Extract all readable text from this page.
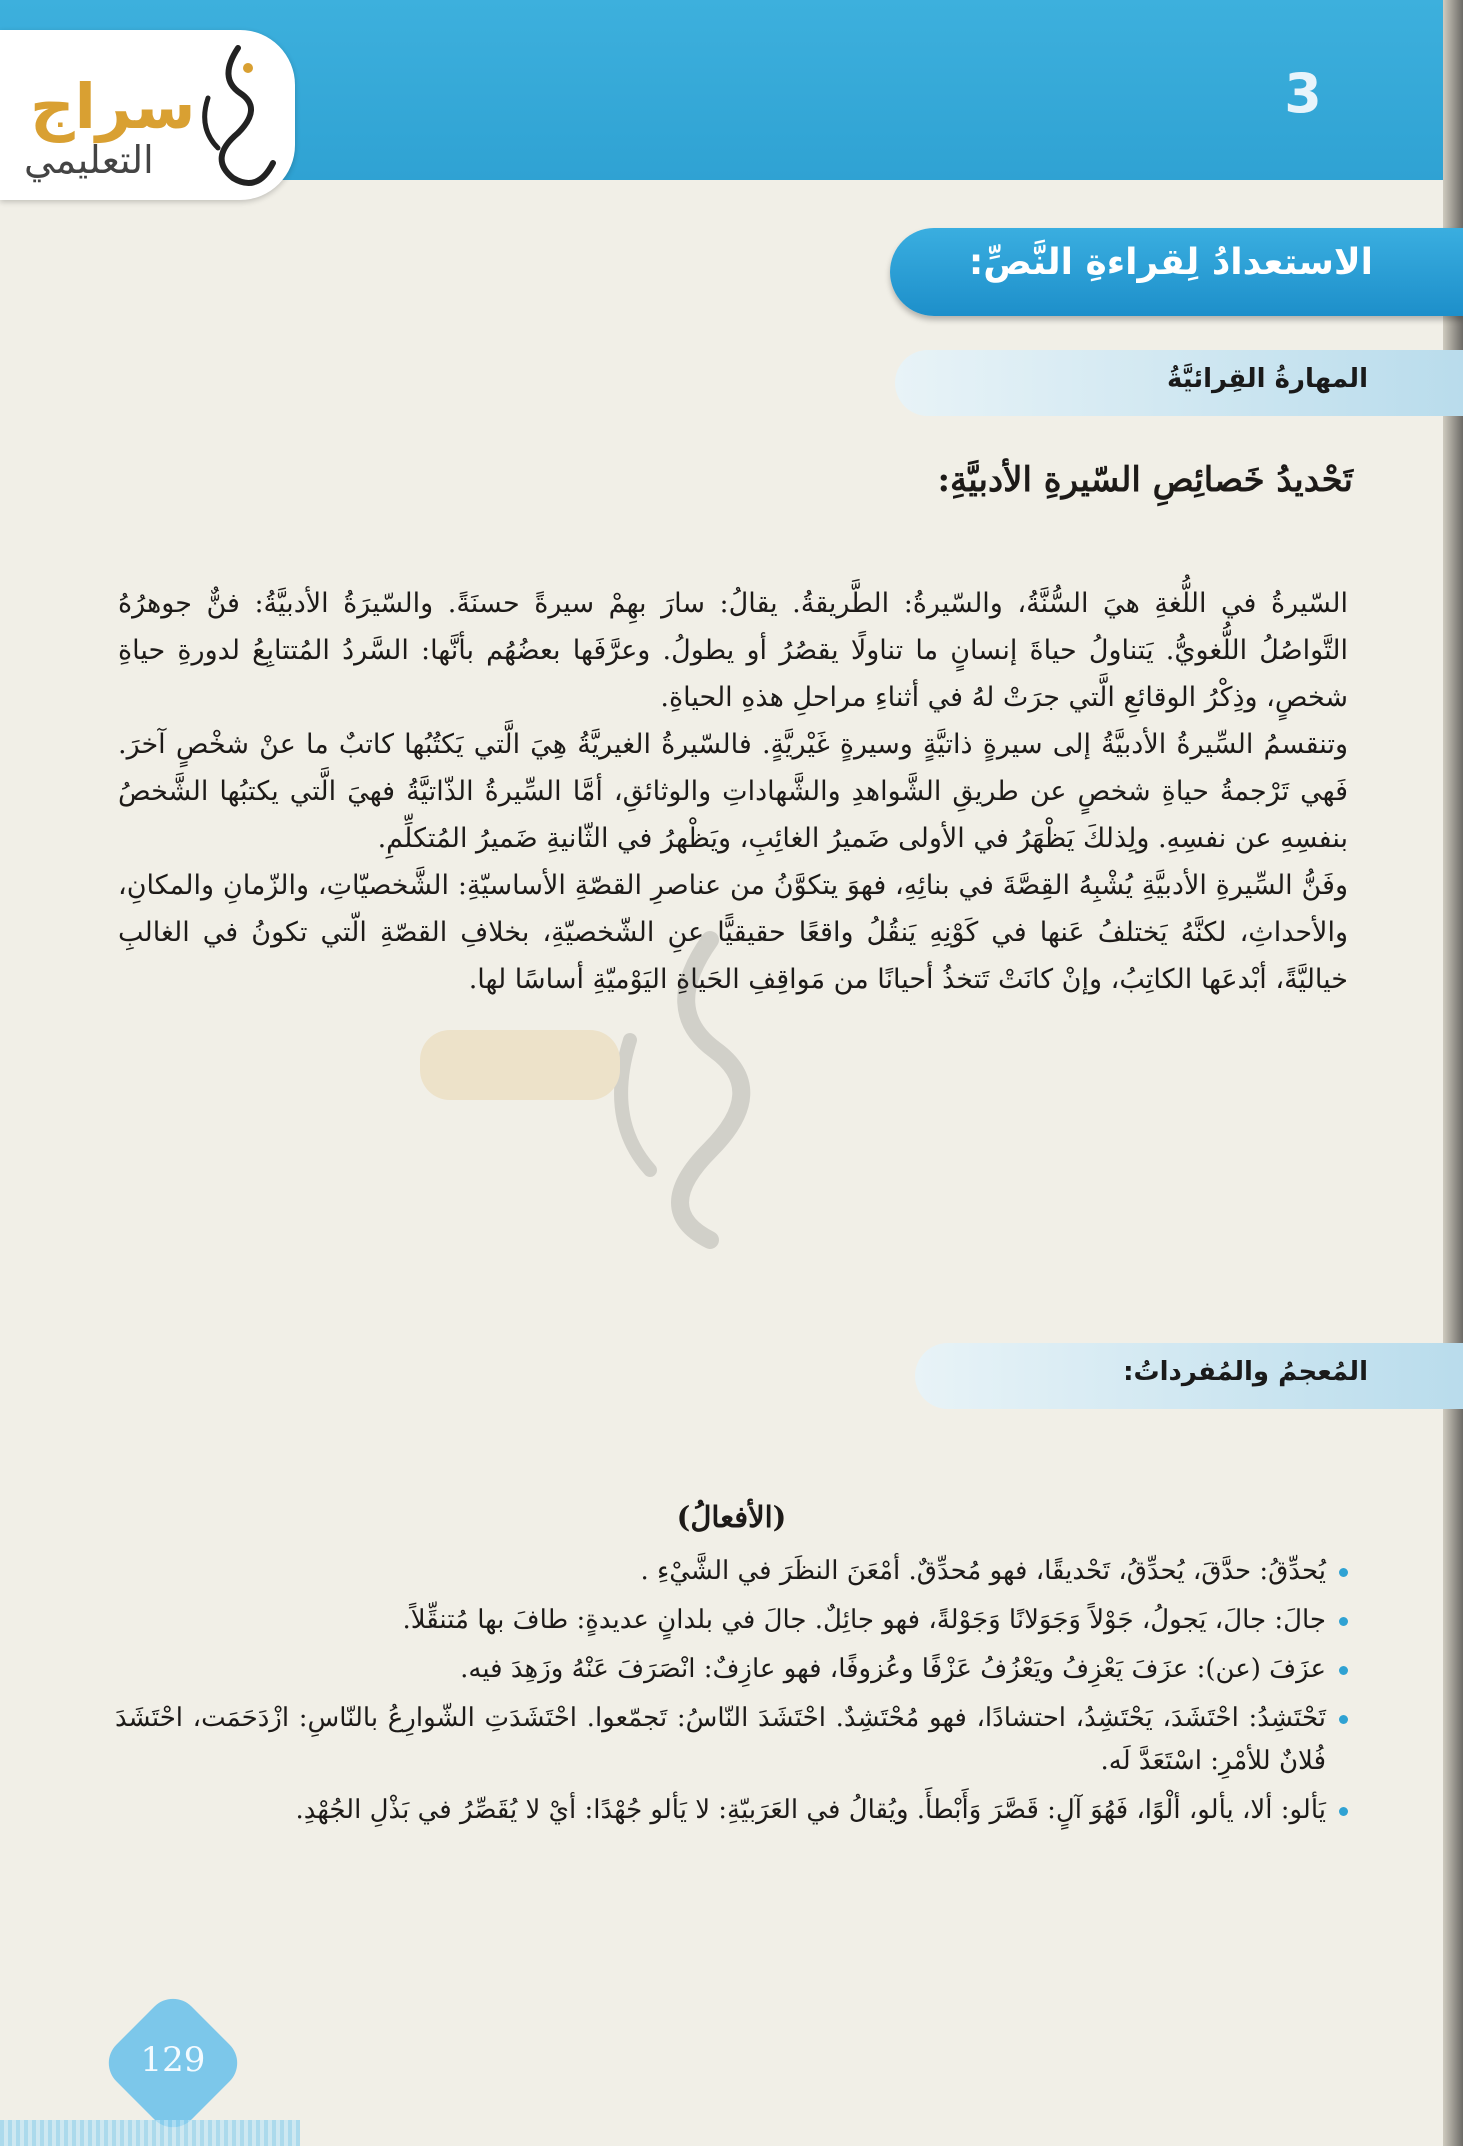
3
سراج
التعليمي
الاستعدادُ لِقراءةِ النَّصِّ:
المهارةُ القِرائيَّةُ
تَحْديدُ خَصائِصِ السّيرةِ الأدبيَّةِ:

السّيرةُ في اللُّغةِ هيَ السُّنَّةُ، والسّيرةُ: الطَّريقةُ. يقالُ: سارَ بهِمْ سيرةً حسنَةً. والسّيرَةُ الأدبيَّةُ: فنٌّ جوهرُهُ التَّواصُلُ اللُّغويُّ. يَتناولُ حياةَ إنسانٍ ما تناولًا يقصُرُ أو يطولُ. وعرَّفَها بعضُهُم بأنَّها: السَّردُ المُتتابِعُ لدورةِ حياةِ شخصٍ، وذِكْرُ الوقائعِ الَّتي جرَتْ لهُ في أثناءِ مراحلِ هذهِ الحياةِ.

وتنقسمُ السِّيرةُ الأدبيَّةُ إلى سيرةٍ ذاتيَّةٍ وسيرةٍ غَيْريَّةٍ. فالسّيرةُ الغيريَّةُ هِيَ الَّتي يَكتُبُها كاتبٌ ما عنْ شخْصٍ آخرَ. فَهي تَرْجمةُ حياةِ شخصٍ عن طريقِ الشَّواهدِ والشَّهاداتِ والوثائقِ، أمَّا السِّيرةُ الذّاتيَّةُ فهيَ الَّتي يكتبُها الشَّخصُ بنفسِهِ عن نفسِهِ. ولِذلكَ يَظْهَرُ في الأولى ضَميرُ الغائِبِ، ويَظْهرُ في الثّانيةِ ضَميرُ المُتكلِّمِ.

وفَنُّ السِّيرةِ الأدبيَّةِ يُشْبِهُ القِصَّةَ في بنائِهِ، فهوَ يتكوَّنُ من عناصرِ القصّةِ الأساسيّةِ: الشَّخصيّاتِ، والزّمانِ والمكانِ، والأحداثِ، لكنَّهُ يَختلفُ عَنها في كَوْنِهِ يَنقُلُ واقعًا حقيقيًّا عنِ الشّخصيّةِ، بخلافِ القصّةِ الّتي تكونُ في الغالبِ خياليَّةً، أبْدعَها الكاتِبُ، وإنْ كانَتْ تَتخذُ أحيانًا من مَواقِفِ الحَياةِ اليَوْميّةِ أساسًا لها.

المُعجمُ والمُفرداتُ:
(الأفعالُ)
يُحدِّقُ: حدَّقَ، يُحدِّقُ، تَحْديقًا، فهو مُحدِّقٌ. أمْعَنَ النظَرَ في الشَّيْءِ .
جالَ: جالَ، يَجولُ، جَوْلاً وَجَوَلانًا وَجَوْلةً، فهو جائِلٌ. جالَ في بلدانٍ عديدةٍ: طافَ بها مُتنقِّلاً.
عزَفَ (عن): عزَفَ يَعْزِفُ ويَعْزُفُ عَزْفًا وعُزوفًا، فهو عازِفٌ: انْصَرَفَ عَنْهُ وزَهِدَ فيه.
تَحْتَشِدُ: احْتَشَدَ، يَحْتَشِدُ، احتشادًا، فهو مُحْتَشِدٌ. احْتَشَدَ النّاسُ: تَجمّعوا. احْتَشَدَتِ الشّوارِعُ بالنّاسِ: ازْدَحَمَت، احْتَشَدَ فُلانٌ للأمْرِ: اسْتَعَدَّ لَه.
يَألو: ألا، يألو، ألْوًا، فَهُوَ آلٍ: قَصَّرَ وَأَبْطأَ. ويُقالُ في العَرَبيّةِ: لا يَألو جُهْدًا: أيْ لا يُقَصِّرُ في بَذْلِ الجُهْدِ.
129
